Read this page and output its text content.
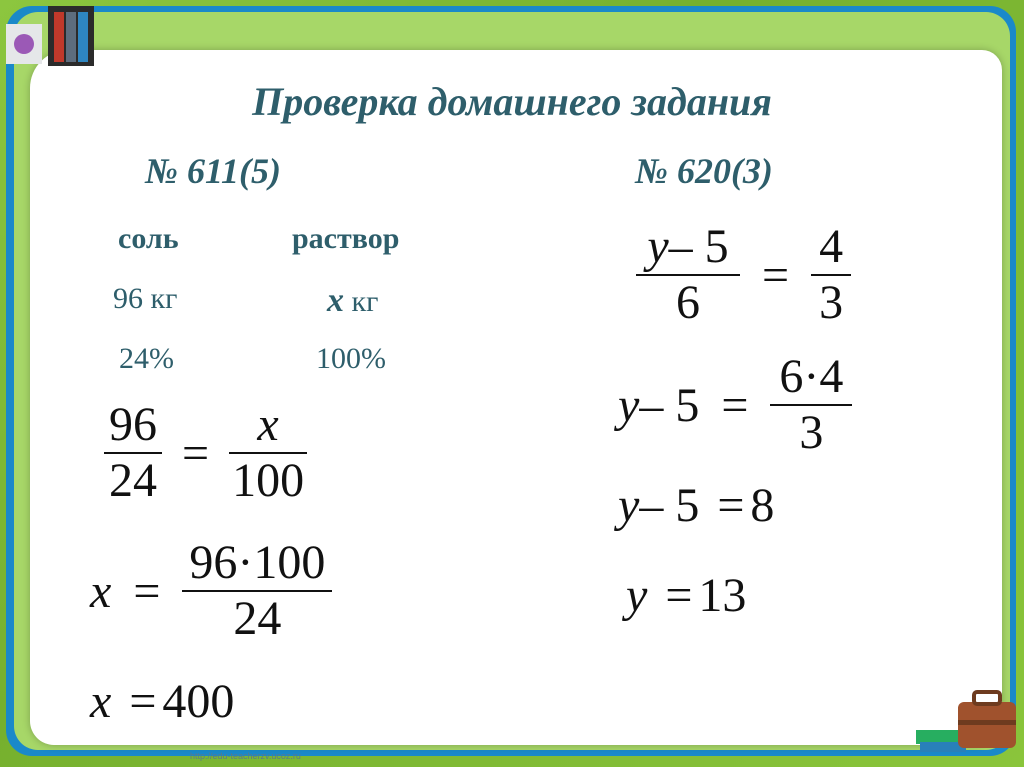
Проверка домашнего задания
№ 611(5)
соль	раствор
96 кг	x кг
24%	100%
$\frac{96}{24} = \frac{x}{100}$
$x = \frac{96\cdot 100}{24}$
x = 400
№ 620(3)
$\frac{y- 5}{6} = \frac{4}{3}$
y– $5 = \frac{6\cdot 4}{3}$
y– 5 = 8
y = 13
http://edu-teacherzv.ucoz.ru
